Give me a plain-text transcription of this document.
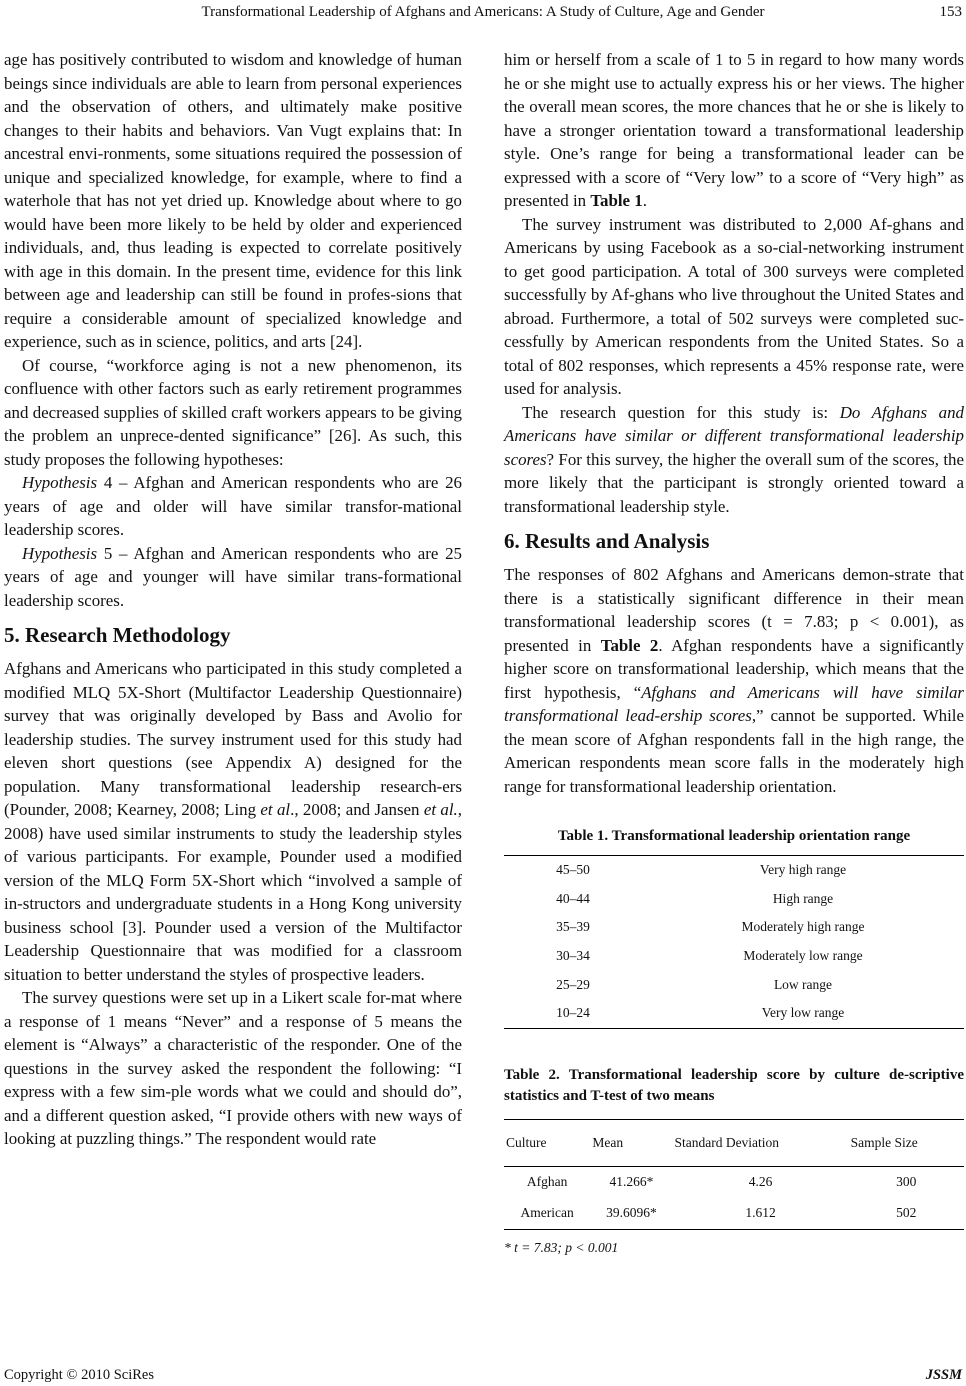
Transformational Leadership of Afghans and Americans: A Study of Culture, Age and Gender	153

age has positively contributed to wisdom and knowledge of human beings since individuals are able to learn from personal experiences and the observation of others, and ultimately make positive changes to their habits and behaviors. Van Vugt explains that: In ancestral envi-ronments, some situations required the possession of unique and specialized knowledge, for example, where to find a waterhole that has not yet dried up. Knowledge about where to go would have been more likely to be held by older and experienced individuals, and, thus leading is expected to correlate positively with age in this domain. In the present time, evidence for this link between age and leadership can still be found in profes-sions that require a considerable amount of specialized knowledge and experience, such as in science, politics, and arts [24].

Of course, “workforce aging is not a new phenomenon, its confluence with other factors such as early retirement programmes and decreased supplies of skilled craft workers appears to be giving the problem an unprece-dented significance” [26]. As such, this study proposes the following hypotheses:

Hypothesis 4 – Afghan and American respondents who are 26 years of age and older will have similar transfor-mational leadership scores.

Hypothesis 5 – Afghan and American respondents who are 25 years of age and younger will have similar trans-formational leadership scores.

5. Research Methodology

Afghans and Americans who participated in this study completed a modified MLQ 5X-Short (Multifactor Leadership Questionnaire) survey that was originally developed by Bass and Avolio for leadership studies. The survey instrument used for this study had eleven short questions (see Appendix A) designed for the population. Many transformational leadership research-ers (Pounder, 2008; Kearney, 2008; Ling et al., 2008; and Jansen et al., 2008) have used similar instruments to study the leadership styles of various participants. For example, Pounder used a modified version of the MLQ Form 5X-Short which “involved a sample of in-structors and undergraduate students in a Hong Kong university business school [3]. Pounder used a version of the Multifactor Leadership Questionnaire that was modified for a classroom situation to better understand the styles of prospective leaders.

The survey questions were set up in a Likert scale for-mat where a response of 1 means “Never” and a response of 5 means the element is “Always” a characteristic of the responder. One of the questions in the survey asked the respondent the following: “I express with a few sim-ple words what we could and should do”, and a different question asked, “I provide others with new ways of looking at puzzling things.” The respondent would rate

him or herself from a scale of 1 to 5 in regard to how many words he or she might use to actually express his or her views. The higher the overall mean scores, the more chances that he or she is likely to have a stronger orientation toward a transformational leadership style. One’s range for being a transformational leader can be expressed with a score of “Very low” to a score of “Very high” as presented in Table 1.

The survey instrument was distributed to 2,000 Af-ghans and Americans by using Facebook as a so-cial-networking instrument to get good participation. A total of 300 surveys were completed successfully by Af-ghans who live throughout the United States and abroad. Furthermore, a total of 502 surveys were completed suc-cessfully by American respondents from the United States. So a total of 802 responses, which represents a 45% response rate, were used for analysis.

The research question for this study is: Do Afghans and Americans have similar or different transformational leadership scores? For this survey, the higher the overall sum of the scores, the more likely that the participant is strongly oriented toward a transformational leadership style.

6. Results and Analysis

The responses of 802 Afghans and Americans demon-strate that there is a statistically significant difference in their mean transformational leadership scores (t = 7.83; p < 0.001), as presented in Table 2. Afghan respondents have a significantly higher score on transformational leadership, which means that the first hypothesis, “Afghans and Americans will have similar transformational lead-ership scores,” cannot be supported. While the mean score of Afghan respondents fall in the high range, the American respondents mean score falls in the moderately high range for transformational leadership orientation.

Table 1. Transformational leadership orientation range
45–50	Very high range
40–44	High range
35–39	Moderately high range
30–34	Moderately low range
25–29	Low range
10–24	Very low range
Table 2. Transformational leadership score by culture de-scriptive statistics and T-test of two means
Culture	Mean	Standard Deviation	Sample Size
Afghan	41.266*	4.26	300
American	39.6096*	1.612	502
* t = 7.83; p < 0.001
Copyright © 2010 SciRes	JSSM
